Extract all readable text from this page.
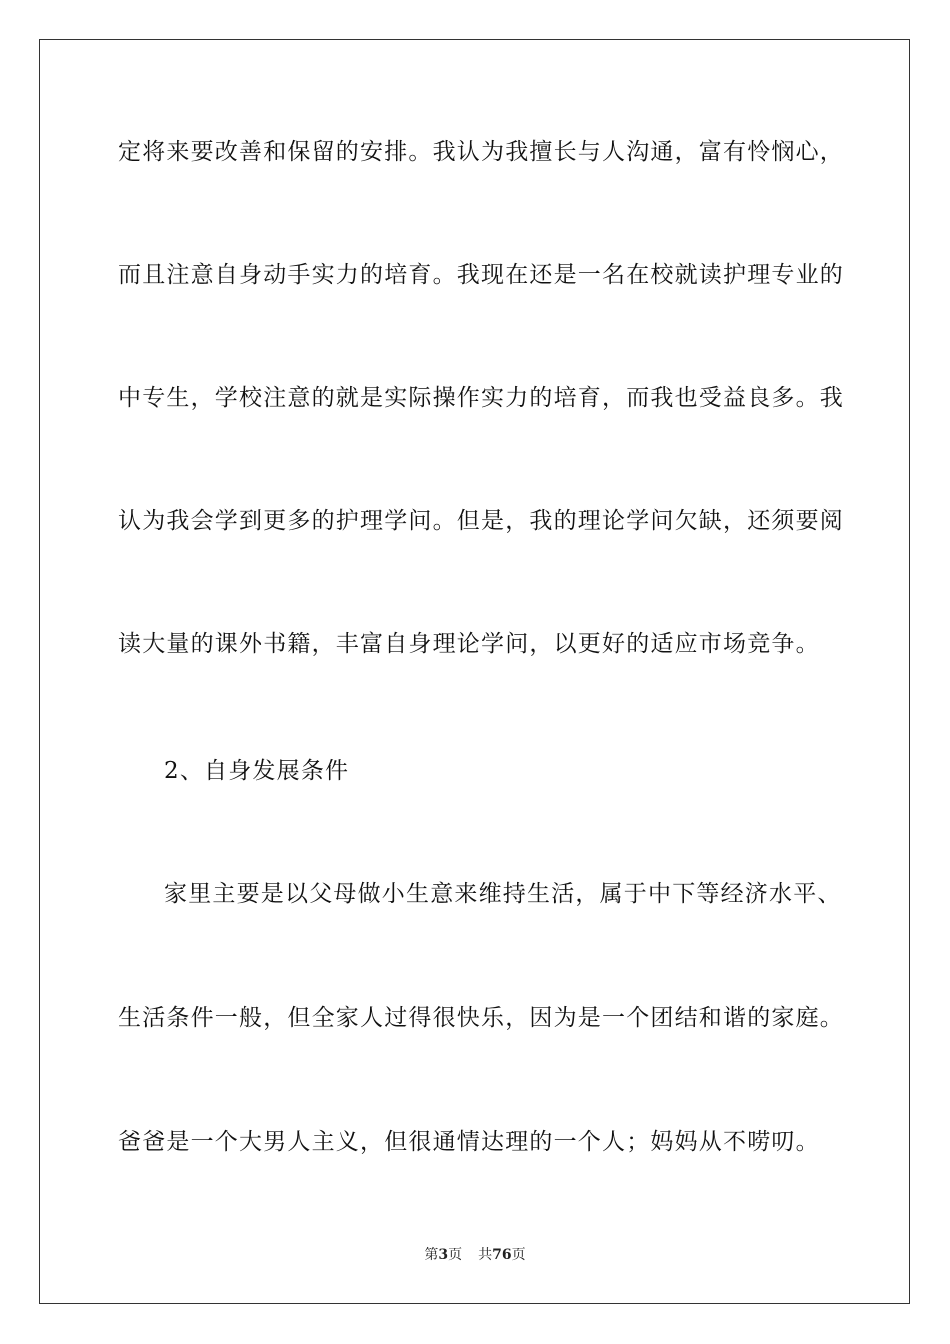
定将来要改善和保留的安排。我认为我擅长与人沟通，富有怜悯心，
而且注意自身动手实力的培育。我现在还是一名在校就读护理专业的
中专生，学校注意的就是实际操作实力的培育，而我也受益良多。我
认为我会学到更多的护理学问。但是，我的理论学问欠缺，还须要阅
读大量的课外书籍，丰富自身理论学问，以更好的适应市场竞争。
2、自身发展条件
家里主要是以父母做小生意来维持生活，属于中下等经济水平、
生活条件一般，但全家人过得很快乐，因为是一个团结和谐的家庭。
爸爸是一个大男人主义，但很通情达理的一个人；妈妈从不唠叨。
第3页 共76页
